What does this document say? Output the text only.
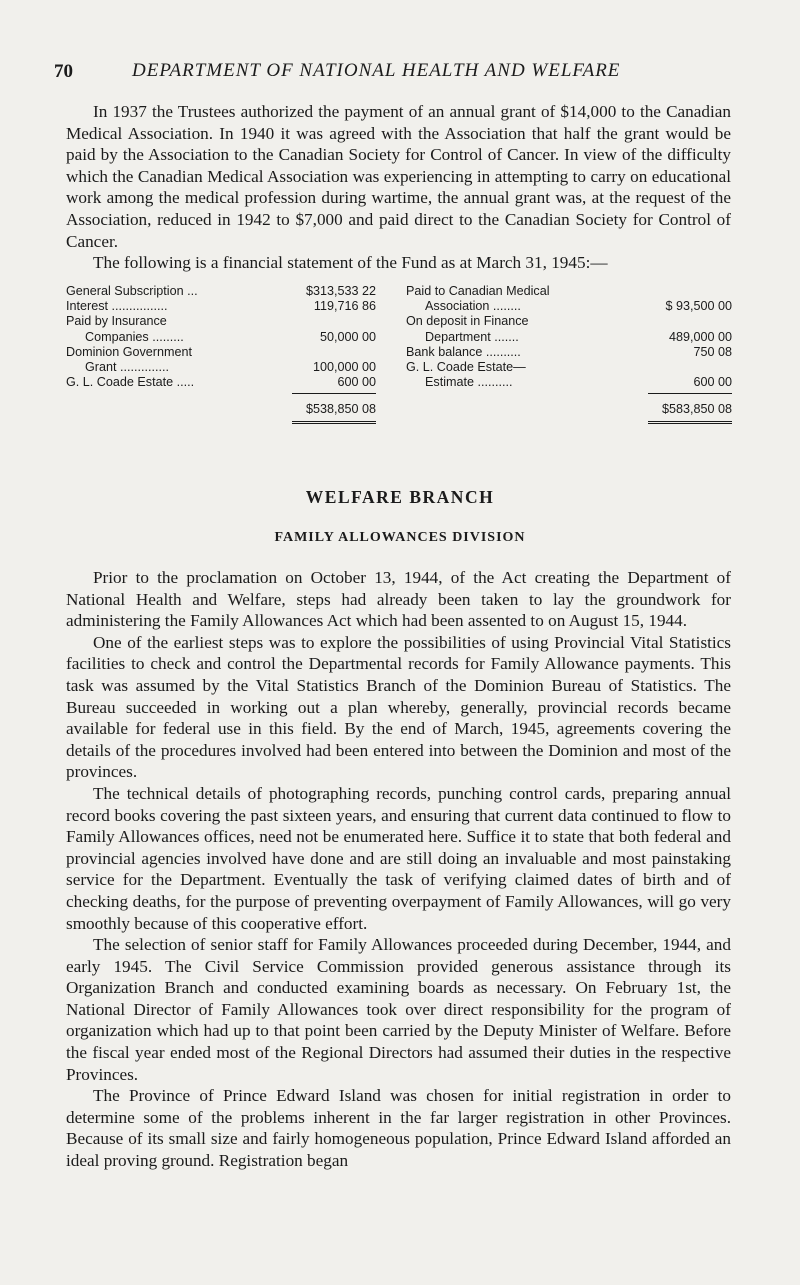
70	DEPARTMENT OF NATIONAL HEALTH AND WELFARE

In 1937 the Trustees authorized the payment of an annual grant of $14,000 to the Canadian Medical Association. In 1940 it was agreed with the Association that half the grant would be paid by the Association to the Canadian Society for Control of Cancer. In view of the difficulty which the Canadian Medical Association was experiencing in attempting to carry on educational work among the medical profession during wartime, the annual grant was, at the request of the Association, reduced in 1942 to $7,000 and paid direct to the Canadian Society for Control of Cancer.

The following is a financial statement of the Fund as at March 31, 1945:—

General Subscription ...	$313,533 22
Interest ................	119,716 86
Paid by Insurance
Companies .........	50,000 00
Dominion Government
Grant ..............	100,000 00
G. L. Coade Estate .....	600 00
$538,850 08
Paid to Canadian Medical
Association ........	$ 93,500 00
On deposit in Finance
Department .......	489,000 00
Bank balance ..........	750 08
G. L. Coade Estate—
Estimate ..........	600 00
$583,850 08
WELFARE BRANCH
FAMILY ALLOWANCES DIVISION

Prior to the proclamation on October 13, 1944, of the Act creating the Department of National Health and Welfare, steps had already been taken to lay the groundwork for administering the Family Allowances Act which had been assented to on August 15, 1944.

One of the earliest steps was to explore the possibilities of using Provincial Vital Statistics facilities to check and control the Departmental records for Family Allowance payments. This task was assumed by the Vital Statistics Branch of the Dominion Bureau of Statistics. The Bureau succeeded in working out a plan whereby, generally, provincial records became available for federal use in this field. By the end of March, 1945, agreements covering the details of the procedures involved had been entered into between the Dominion and most of the provinces.

The technical details of photographing records, punching control cards, preparing annual record books covering the past sixteen years, and ensuring that current data continued to flow to Family Allowances offices, need not be enumerated here. Suffice it to state that both federal and provincial agencies involved have done and are still doing an invaluable and most painstaking service for the Department. Eventually the task of verifying claimed dates of birth and of checking deaths, for the purpose of preventing overpayment of Family Allowances, will go very smoothly because of this cooperative effort.

The selection of senior staff for Family Allowances proceeded during December, 1944, and early 1945. The Civil Service Commission provided generous assistance through its Organization Branch and conducted examining boards as necessary. On February 1st, the National Director of Family Allowances took over direct responsibility for the program of organization which had up to that point been carried by the Deputy Minister of Welfare. Before the fiscal year ended most of the Regional Directors had assumed their duties in the respective Provinces.

The Province of Prince Edward Island was chosen for initial registration in order to determine some of the problems inherent in the far larger registration in other Provinces. Because of its small size and fairly homogeneous population, Prince Edward Island afforded an ideal proving ground. Registration began
